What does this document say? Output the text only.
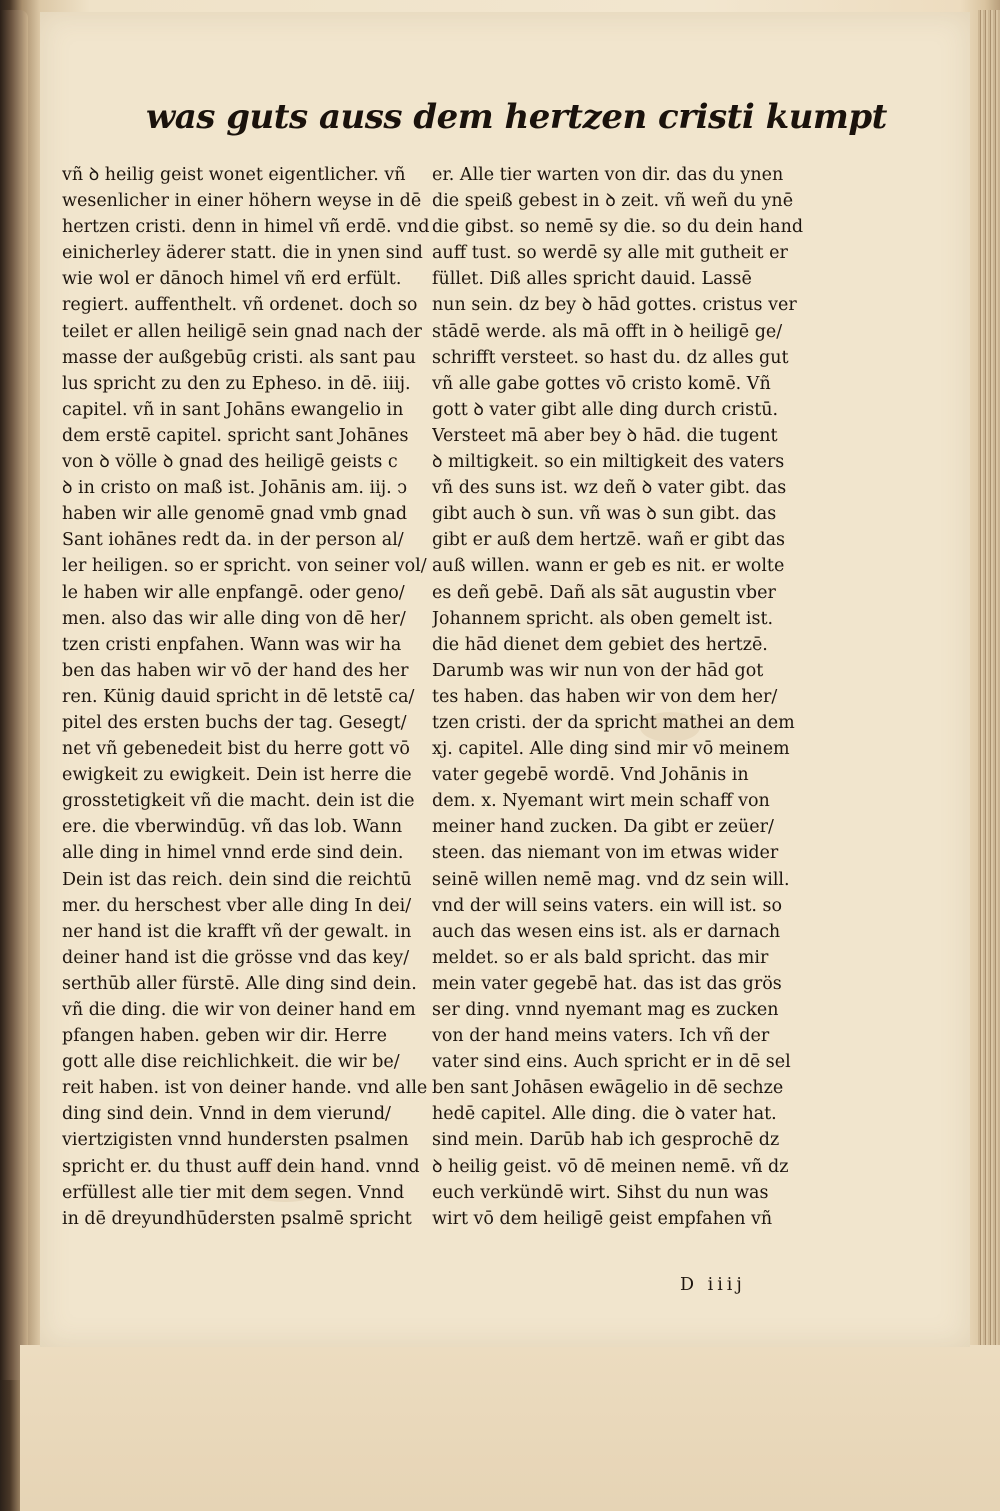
was guts auss dem hertzen cristi kumpt
vñ ꝺ heilig geist wonet eigentlicher. vñ
wesenlicher in einer höhern weyse in dē
hertzen cristi. denn in himel vñ erdē. vnd
einicherley äderer statt. die in ynen sind
wie wol er dānoch himel vñ erd erfült.
regiert. auffenthelt. vñ ordenet. doch so
teilet er allen heiligē sein gnad nach der
masse der außgebūg cristi. als sant pau
lus spricht zu den zu Epheso. in dē. iiij.
capitel. vñ in sant Johāns ewangelio in
dem erstē capitel. spricht sant Johānes
von ꝺ völle ꝺ gnad des heiligē geists c
ꝺ in cristo on maß ist. Johānis am. iij. ↄ
haben wir alle genomē gnad vmb gnad
Sant iohānes redt da. in der person al/
ler heiligen. so er spricht. von seiner vol/
le haben wir alle enpfangē. oder geno/
men. also das wir alle ding von dē her/
tzen cristi enpfahen. Wann was wir ha
ben das haben wir vō der hand des her
ren. Künig dauid spricht in dē letstē ca/
pitel des ersten buchs der tag. Gesegt/
net vñ gebenedeit bist du herre gott vō
ewigkeit zu ewigkeit. Dein ist herre die
grosstetigkeit vñ die macht. dein ist die
ere. die vberwindūg. vñ das lob. Wann
alle ding in himel vnnd erde sind dein.
Dein ist das reich. dein sind die reichtū
mer. du herschest vber alle ding In dei/
ner hand ist die krafft vñ der gewalt. in
deiner hand ist die grösse vnd das key/
serthūb aller fürstē. Alle ding sind dein.
vñ die ding. die wir von deiner hand em
pfangen haben. geben wir dir. Herre
gott alle dise reichlichkeit. die wir be/
reit haben. ist von deiner hande. vnd alle
ding sind dein. Vnnd in dem vierund/
viertzigisten vnnd hundersten psalmen
spricht er. du thust auff dein hand. vnnd
erfüllest alle tier mit dem segen. Vnnd
in dē dreyundhūdersten psalmē spricht
er. Alle tier warten von dir. das du ynen
die speiß gebest in ꝺ zeit. vñ weñ du ynē
die gibst. so nemē sy die. so du dein hand
auff tust. so werdē sy alle mit gutheit er
füllet. Diß alles spricht dauid. Lassē
nun sein. dz bey ꝺ hād gottes. cristus ver
stādē werde. als mā offt in ꝺ heiligē ge/
schrifft versteet. so hast du. dz alles gut
vñ alle gabe gottes vō cristo komē. Vñ
gott ꝺ vater gibt alle ding durch cristū.
Versteet mā aber bey ꝺ hād. die tugent
ꝺ miltigkeit. so ein miltigkeit des vaters
vñ des suns ist. wz deñ ꝺ vater gibt. das
gibt auch ꝺ sun. vñ was ꝺ sun gibt. das
gibt er auß dem hertzē. wañ er gibt das
auß willen. wann er geb es nit. er wolte
es deñ gebē. Dañ als sāt augustin vber
Johannem spricht. als oben gemelt ist.
die hād dienet dem gebiet des hertzē.
Darumb was wir nun von der hād got
tes haben. das haben wir von dem her/
tzen cristi. der da spricht mathei an dem
xj. capitel. Alle ding sind mir vō meinem
vater gegebē wordē. Vnd Johānis in
dem. x. Nyemant wirt mein schaff von
meiner hand zucken. Da gibt er zeüer/
steen. das niemant von im etwas wider
seinē willen nemē mag. vnd dz sein will.
vnd der will seins vaters. ein will ist. so
auch das wesen eins ist. als er darnach
meldet. so er als bald spricht. das mir
mein vater gegebē hat. das ist das grös
ser ding. vnnd nyemant mag es zucken
von der hand meins vaters. Ich vñ der
vater sind eins. Auch spricht er in dē sel
ben sant Johāsen ewāgelio in dē sechze
hedē capitel. Alle ding. die ꝺ vater hat.
sind mein. Darūb hab ich gesprochē dz
ꝺ heilig geist. vō dē meinen nemē. vñ dz
euch verkündē wirt. Sihst du nun was
wirt vō dem heiligē geist empfahen vñ
D iiij
